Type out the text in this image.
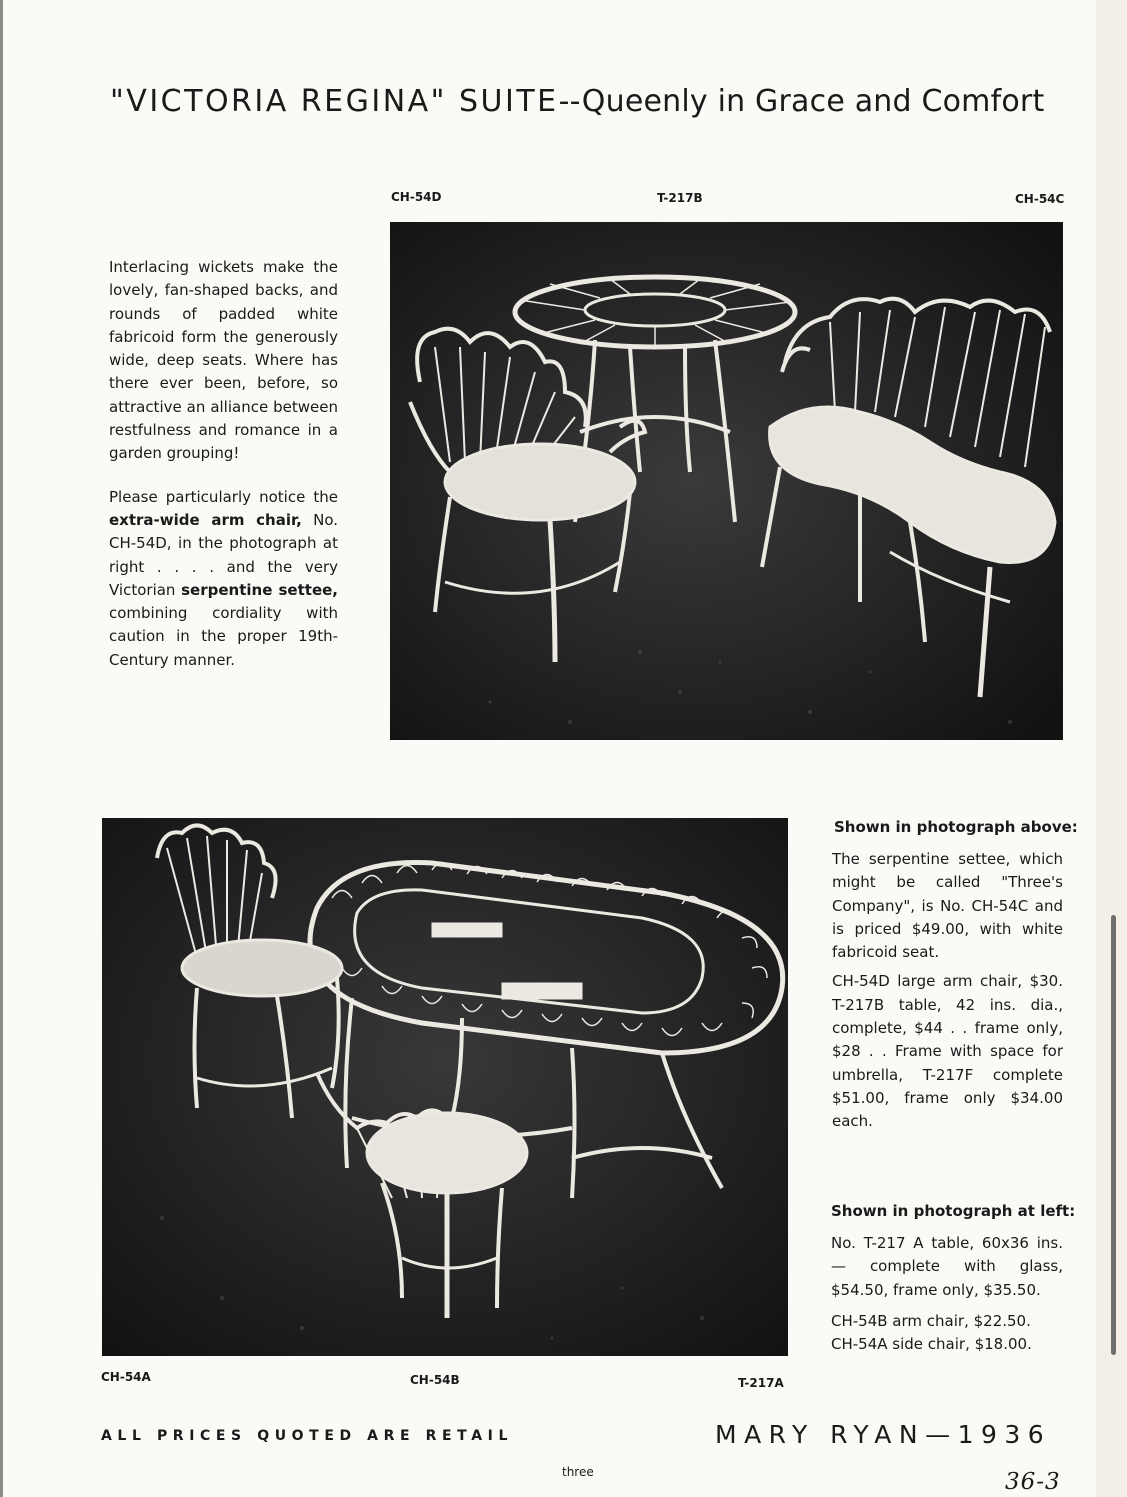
"VICTORIA REGINA" SUITE--Queenly in Grace and Comfort
CH-54D	T-217B	CH-54C

Interlacing wickets make the lovely, fan-shaped backs, and rounds of padded white fabricoid form the generously wide, deep seats. Where has there ever been, before, so attractive an alliance between restfulness and romance in a garden grouping!

Please particularly notice the extra-wide arm chair, No. CH-54D, in the photograph at right . . . . and the very Victorian serpentine settee, combining cordiality with caution in the proper 19th-Century manner.

Shown in photograph above:

The serpentine settee, which might be called "Three's Company", is No. CH-54C and is priced $49.00, with white fabricoid seat.

CH-54D large arm chair, $30. T-217B table, 42 ins. dia., complete, $44 . . frame only, $28 . . Frame with space for umbrella, T-217F complete $51.00, frame only $34.00 each.

Shown in photograph at left:

No. T-217 A table, 60x36 ins. — complete with glass, $54.50, frame only, $35.50.

CH-54B arm chair, $22.50.

CH-54A side chair, $18.00.

CH-54A	CH-54B	T-217A
ALL PRICES QUOTED ARE RETAIL	MARY RYAN—1936
three	36-3
